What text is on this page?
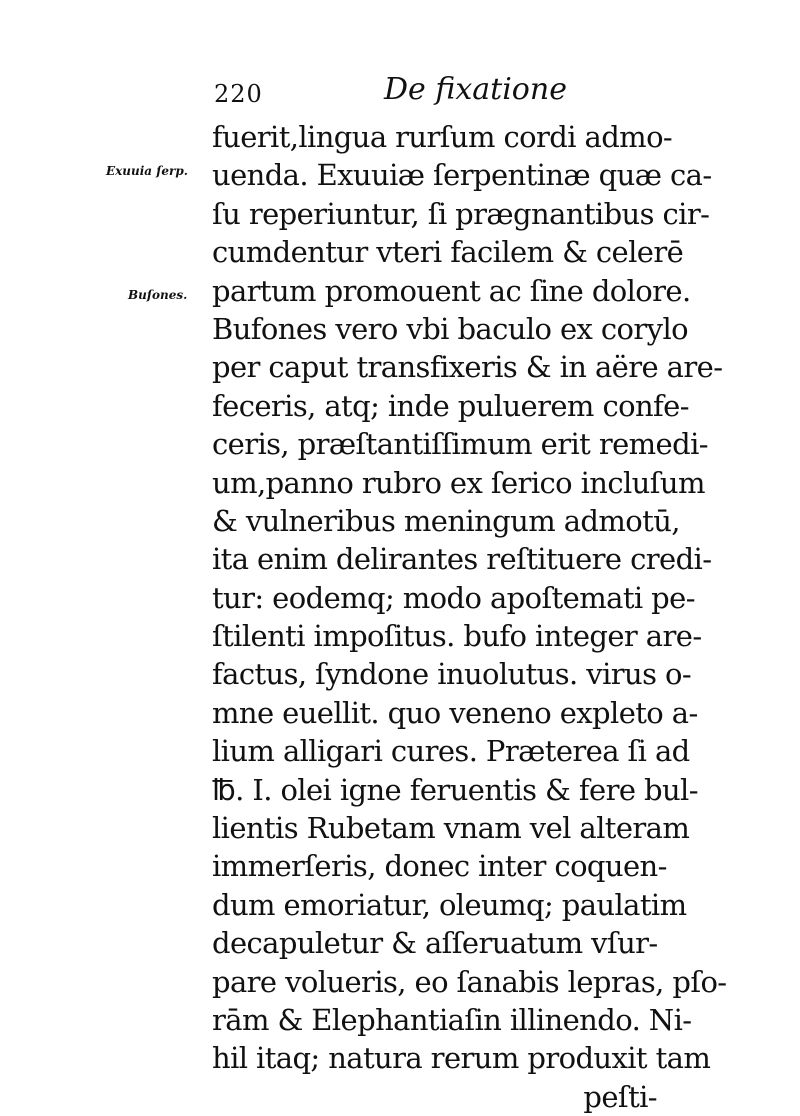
220	De fixatione
Exuuia ſerp.
Buſones.
fuerit,lingua rurſum cordi admo-
uenda. Exuuiæ ſerpentinæ quæ ca-
ſu reperiuntur, ſi prægnantibus cir-
cumdentur vteri facilem & celerē
partum promouent ac ſine dolore.
Bufones vero vbi baculo ex corylo
per caput transfixeris & in aëre are-
feceris, atq; inde puluerem confe-
ceris, præſtantiſſimum erit remedi-
um,panno rubro ex ſerico incluſum
& vulneribus meningum admotū,
ita enim delirantes reſtituere credi-
tur: eodemq; modo apoſtemati pe-
ſtilenti impoſitus. bufo integer are-
factus, ſyndone inuolutus. virus o-
mne euellit. quo veneno expleto a-
lium alligari cures. Præterea ſi ad
℔. I. olei igne feruentis & fere bul-
lientis Rubetam vnam vel alteram
immerſeris, donec inter coquen-
dum emoriatur, oleumq; paulatim
decapuletur & aſſeruatum vſur-
pare volueris, eo ſanabis lepras, pſo-
rām & Elephantiaſin illinendo. Ni-
hil itaq; natura rerum produxit tam
peſti-
